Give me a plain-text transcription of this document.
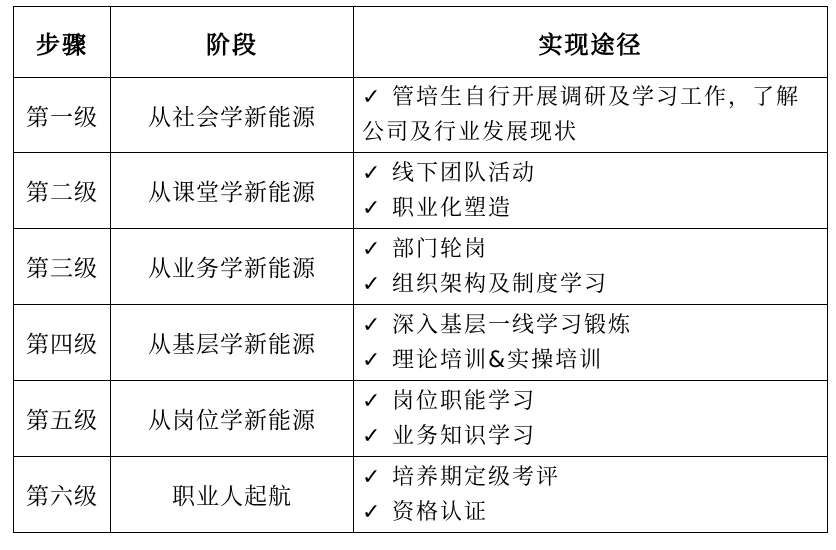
步骤	阶段	实现途径
第一级	从社会学新能源	✓ 管培生自行开展调研及学习工作，了解公司及行业发展现状

第二级	从课堂学新能源	✓ 线下团队活动
✓ 职业化塑造

第三级	从业务学新能源	✓ 部门轮岗
✓ 组织架构及制度学习

第四级	从基层学新能源	✓ 深入基层一线学习锻炼
✓ 理论培训&实操培训

第五级	从岗位学新能源	✓ 岗位职能学习
✓ 业务知识学习

第六级	职业人起航	✓ 培养期定级考评
✓ 资格认证
